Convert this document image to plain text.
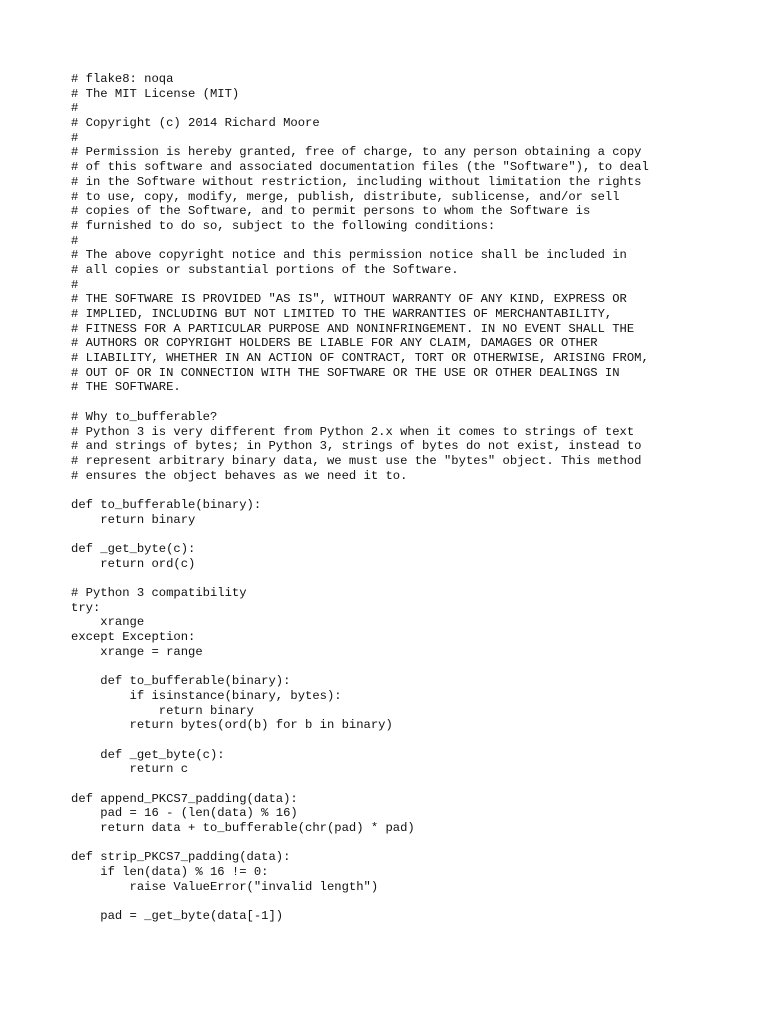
# flake8: noqa
# The MIT License (MIT)
#
# Copyright (c) 2014 Richard Moore
#
# Permission is hereby granted, free of charge, to any person obtaining a copy
# of this software and associated documentation files (the "Software"), to deal
# in the Software without restriction, including without limitation the rights
# to use, copy, modify, merge, publish, distribute, sublicense, and/or sell
# copies of the Software, and to permit persons to whom the Software is
# furnished to do so, subject to the following conditions:
#
# The above copyright notice and this permission notice shall be included in
# all copies or substantial portions of the Software.
#
# THE SOFTWARE IS PROVIDED "AS IS", WITHOUT WARRANTY OF ANY KIND, EXPRESS OR
# IMPLIED, INCLUDING BUT NOT LIMITED TO THE WARRANTIES OF MERCHANTABILITY,
# FITNESS FOR A PARTICULAR PURPOSE AND NONINFRINGEMENT. IN NO EVENT SHALL THE
# AUTHORS OR COPYRIGHT HOLDERS BE LIABLE FOR ANY CLAIM, DAMAGES OR OTHER
# LIABILITY, WHETHER IN AN ACTION OF CONTRACT, TORT OR OTHERWISE, ARISING FROM,
# OUT OF OR IN CONNECTION WITH THE SOFTWARE OR THE USE OR OTHER DEALINGS IN
# THE SOFTWARE.
# Why to_bufferable?
# Python 3 is very different from Python 2.x when it comes to strings of text
# and strings of bytes; in Python 3, strings of bytes do not exist, instead to
# represent arbitrary binary data, we must use the "bytes" object. This method
# ensures the object behaves as we need it to.
def to_bufferable(binary):
return binary
def _get_byte(c):
return ord(c)
# Python 3 compatibility
try:
xrange
except Exception:
xrange = range
def to_bufferable(binary):
if isinstance(binary, bytes):
return binary
return bytes(ord(b) for b in binary)
def _get_byte(c):
return c
def append_PKCS7_padding(data):
pad = 16 - (len(data) % 16)
return data + to_bufferable(chr(pad) * pad)
def strip_PKCS7_padding(data):
if len(data) % 16 != 0:
raise ValueError("invalid length")
pad = _get_byte(data[-1])
